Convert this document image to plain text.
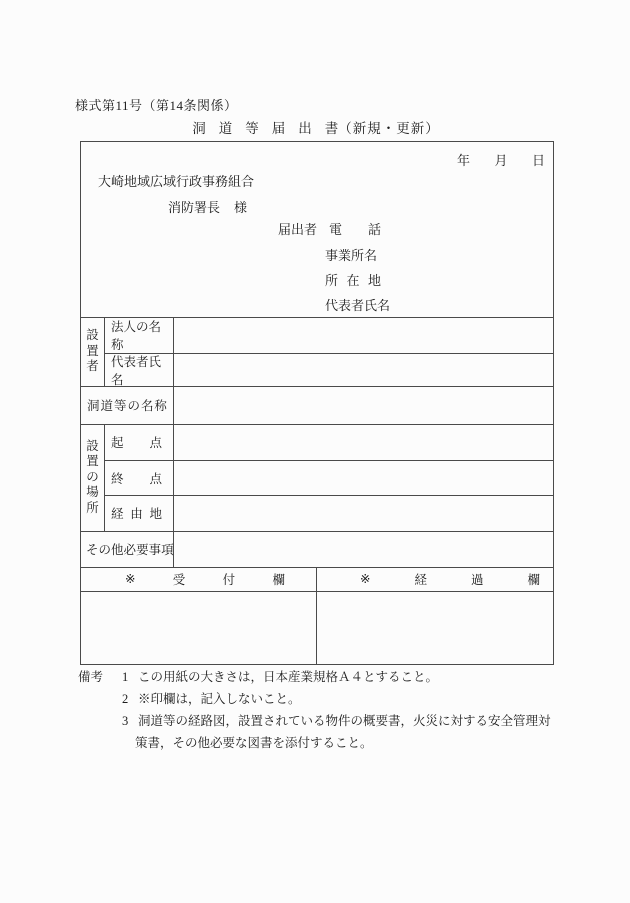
様式第11号（第14条関係）
洞道等届出書（新規・更新）
年 月 日
大崎地域広域行政事務組合
消防署長 様
届出者 電 話
事業所名
所 在 地
代表者氏名
設
置
者
法人の名称
代表者氏名
洞 道 等 の 名 称
設
置
の
場
所
起 点
終 点
経 由 地
そ の 他 必 要 事 項
※	受	付	欄	※	経	過	欄
備考	1 この用紙の大きさは，日本産業規格Ａ４とすること。
2 ※印欄は，記入しないこと。
3 洞道等の経路図，設置されている物件の概要書，火災に対する安全管理対
策書，その他必要な図書を添付すること。
